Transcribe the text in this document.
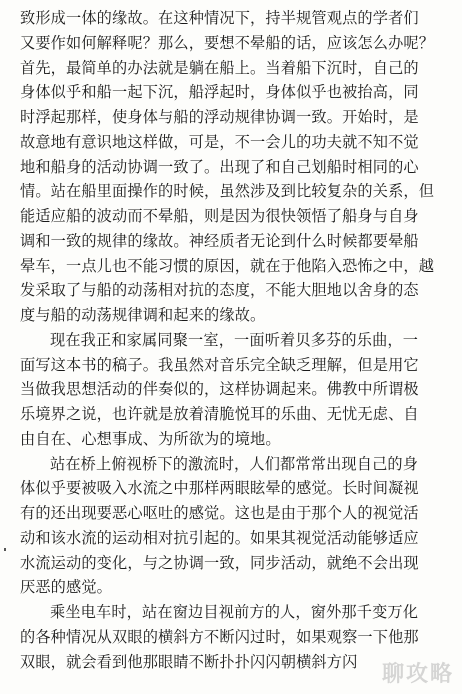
致形成一体的缘故。在这种情况下，持半规管观点的学者们
又要作如何解释呢？那么，要想不晕船的话，应该怎么办呢？
首先，最简单的办法就是躺在船上。当着船下沉时，自己的
身体似乎和船一起下沉，船浮起时，身体似乎也被抬高，同
时浮起那样，使身体与船的浮动规律协调一致。开始时，是
故意地有意识地这样做，可是，不一会儿的功夫就不知不觉
地和船身的活动协调一致了。出现了和自己划船时相同的心
情。站在船里面操作的时候，虽然涉及到比较复杂的关系，但
能适应船的波动而不晕船，则是因为很快领悟了船身与自身
调和一致的规律的缘故。神经质者无论到什么时候都要晕船
晕车，一点儿也不能习惯的原因，就在于他陷入恐怖之中，越
发采取了与船的动荡相对抗的态度，不能大胆地以舍身的态
度与船的动荡规律调和起来的缘故。
现在我正和家属同聚一室，一面听着贝多芬的乐曲，一
面写这本书的稿子。我虽然对音乐完全缺乏理解，但是用它
当做我思想活动的伴奏似的，这样协调起来。佛教中所谓极
乐境界之说，也许就是放着清脆悦耳的乐曲、无忧无虑、自
由自在、心想事成、为所欲为的境地。
站在桥上俯视桥下的激流时，人们都常常出现自己的身
体似乎要被吸入水流之中那样两眼眩晕的感觉。长时间凝视
有的还出现要恶心呕吐的感觉。这也是由于那个人的视觉活
动和该水流的运动相对抗引起的。如果其视觉活动能够适应
水流运动的变化，与之协调一致，同步活动，就绝不会出现
厌恶的感觉。
乘坐电车时，站在窗边目视前方的人，窗外那千变万化
的各种情况从双眼的横斜方不断闪过时，如果观察一下他那
双眼，就会看到他那眼睛不断扑扑闪闪朝横斜方闪
聊攻略
